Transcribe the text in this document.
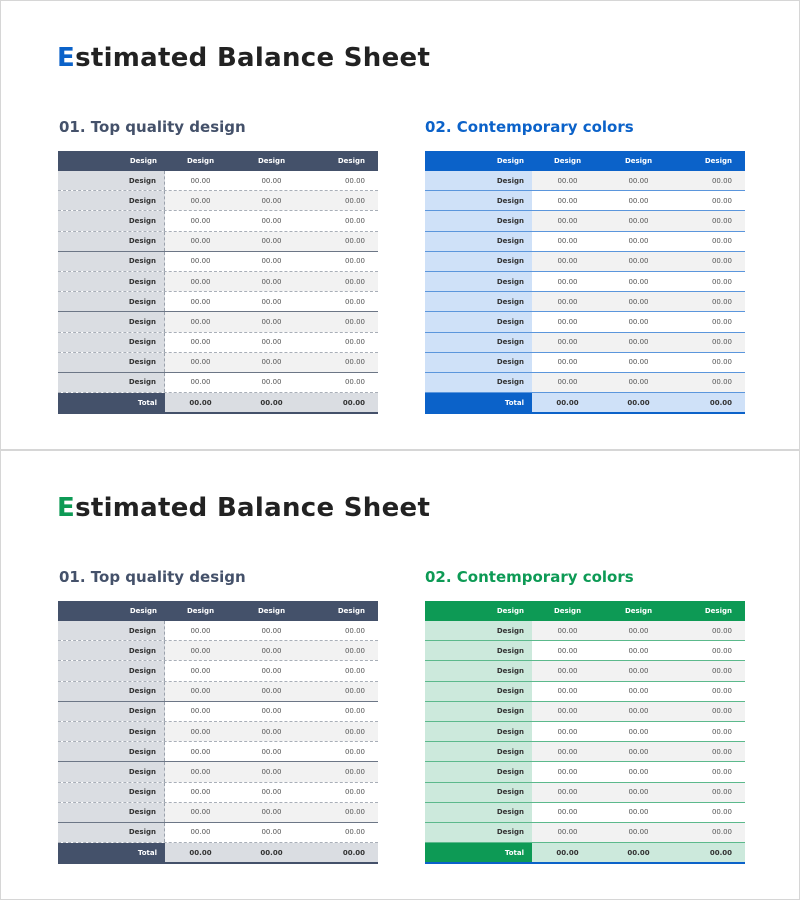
Estimated Balance Sheet
01. Top quality design	02. Contemporary colors
Design	Design	Design	Design
Design	00.00	00.00	00.00
Design	00.00	00.00	00.00
Design	00.00	00.00	00.00
Design	00.00	00.00	00.00
Design	00.00	00.00	00.00
Design	00.00	00.00	00.00
Design	00.00	00.00	00.00
Design	00.00	00.00	00.00
Design	00.00	00.00	00.00
Design	00.00	00.00	00.00
Design	00.00	00.00	00.00
Total	00.00	00.00	00.00
Design	Design	Design	Design
Design	00.00	00.00	00.00
Design	00.00	00.00	00.00
Design	00.00	00.00	00.00
Design	00.00	00.00	00.00
Design	00.00	00.00	00.00
Design	00.00	00.00	00.00
Design	00.00	00.00	00.00
Design	00.00	00.00	00.00
Design	00.00	00.00	00.00
Design	00.00	00.00	00.00
Design	00.00	00.00	00.00
Total	00.00	00.00	00.00
Estimated Balance Sheet
01. Top quality design	02. Contemporary colors
Design	Design	Design	Design
Design	00.00	00.00	00.00
Design	00.00	00.00	00.00
Design	00.00	00.00	00.00
Design	00.00	00.00	00.00
Design	00.00	00.00	00.00
Design	00.00	00.00	00.00
Design	00.00	00.00	00.00
Design	00.00	00.00	00.00
Design	00.00	00.00	00.00
Design	00.00	00.00	00.00
Design	00.00	00.00	00.00
Total	00.00	00.00	00.00
Design	Design	Design	Design
Design	00.00	00.00	00.00
Design	00.00	00.00	00.00
Design	00.00	00.00	00.00
Design	00.00	00.00	00.00
Design	00.00	00.00	00.00
Design	00.00	00.00	00.00
Design	00.00	00.00	00.00
Design	00.00	00.00	00.00
Design	00.00	00.00	00.00
Design	00.00	00.00	00.00
Design	00.00	00.00	00.00
Total	00.00	00.00	00.00
